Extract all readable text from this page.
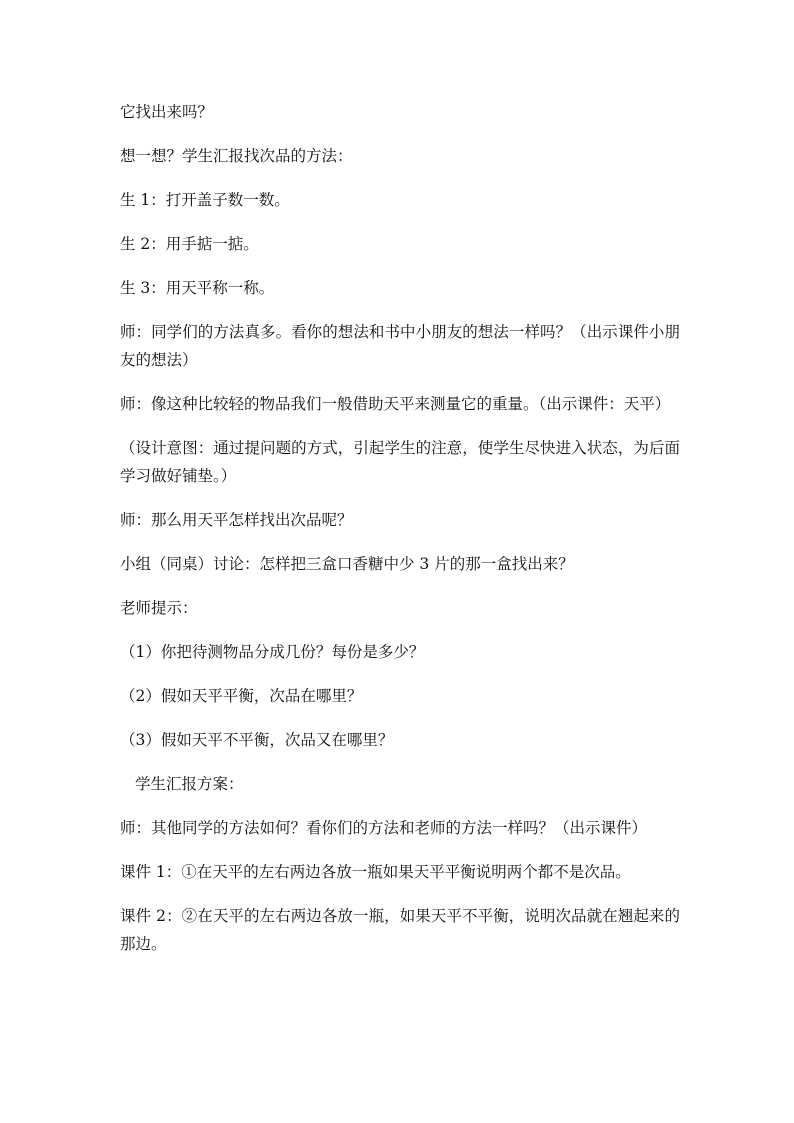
它找出来吗？

想一想？学生汇报找次品的方法：

生 1：打开盖子数一数。

生 2：用手掂一掂。

生 3：用天平称一称。

师：同学们的方法真多。看你的想法和书中小朋友的想法一样吗？（出示课件小朋友的想法）

师：像这种比较轻的物品我们一般借助天平来测量它的重量。（出示课件：天平）

（设计意图：通过提问题的方式，引起学生的注意，使学生尽快进入状态，为后面学习做好铺垫。）

师：那么用天平怎样找出次品呢？

小组（同桌）讨论：怎样把三盒口香糖中少 3 片的那一盒找出来？

老师提示：

（1）你把待测物品分成几份？每份是多少？

（2）假如天平平衡，次品在哪里？

（3）假如天平不平衡，次品又在哪里？

学生汇报方案：

师：其他同学的方法如何？看你们的方法和老师的方法一样吗？（出示课件）

课件 1：①在天平的左右两边各放一瓶如果天平平衡说明两个都不是次品。

课件 2：②在天平的左右两边各放一瓶，如果天平不平衡，说明次品就在翘起来的那边。
